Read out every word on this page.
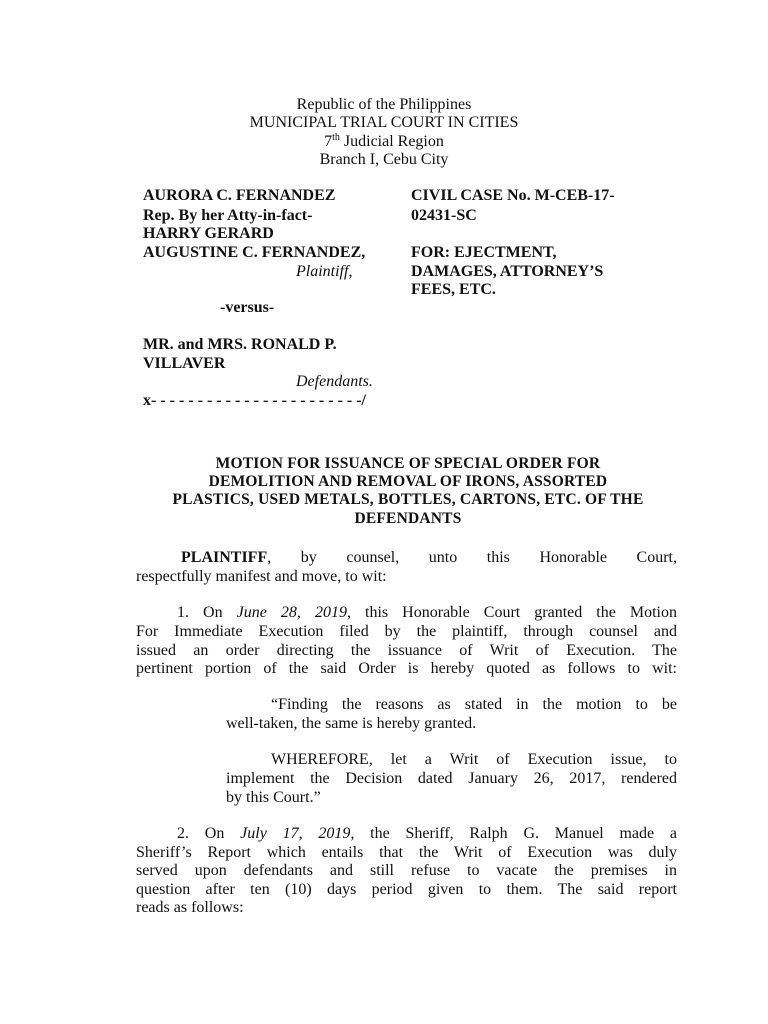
Republic of the Philippines
MUNICIPAL TRIAL COURT IN CITIES
7th Judicial Region
Branch I, Cebu City
AURORA C. FERNANDEZ
Rep. By her Atty-in-fact-
HARRY GERARD
AUGUSTINE C. FERNANDEZ,
Plaintiff,
-versus-
MR. and MRS. RONALD P.
VILLAVER
Defendants.
x- - - - - - - - - - - - - - - - - - - - - - -/
CIVIL CASE No. M-CEB-17-
02431-SC
FOR: EJECTMENT,
DAMAGES, ATTORNEY’S
FEES, ETC.
MOTION FOR ISSUANCE OF SPECIAL ORDER FOR
DEMOLITION AND REMOVAL OF IRONS, ASSORTED
PLASTICS, USED METALS, BOTTLES, CARTONS, ETC. OF THE
DEFENDANTS
PLAINTIFF, by counsel, unto this Honorable Court,
respectfully manifest and move, to wit:
1. On June 28, 2019, this Honorable Court granted the Motion
For Immediate Execution filed by the plaintiff, through counsel and
issued an order directing the issuance of Writ of Execution. The
pertinent portion of the said Order is hereby quoted as follows to wit:
“Finding the reasons as stated in the motion to be
well-taken, the same is hereby granted.
WHEREFORE, let a Writ of Execution issue, to
implement the Decision dated January 26, 2017, rendered
by this Court.”
2. On July 17, 2019, the Sheriff, Ralph G. Manuel made a
Sheriff’s Report which entails that the Writ of Execution was duly
served upon defendants and still refuse to vacate the premises in
question after ten (10) days period given to them. The said report
reads as follows:
